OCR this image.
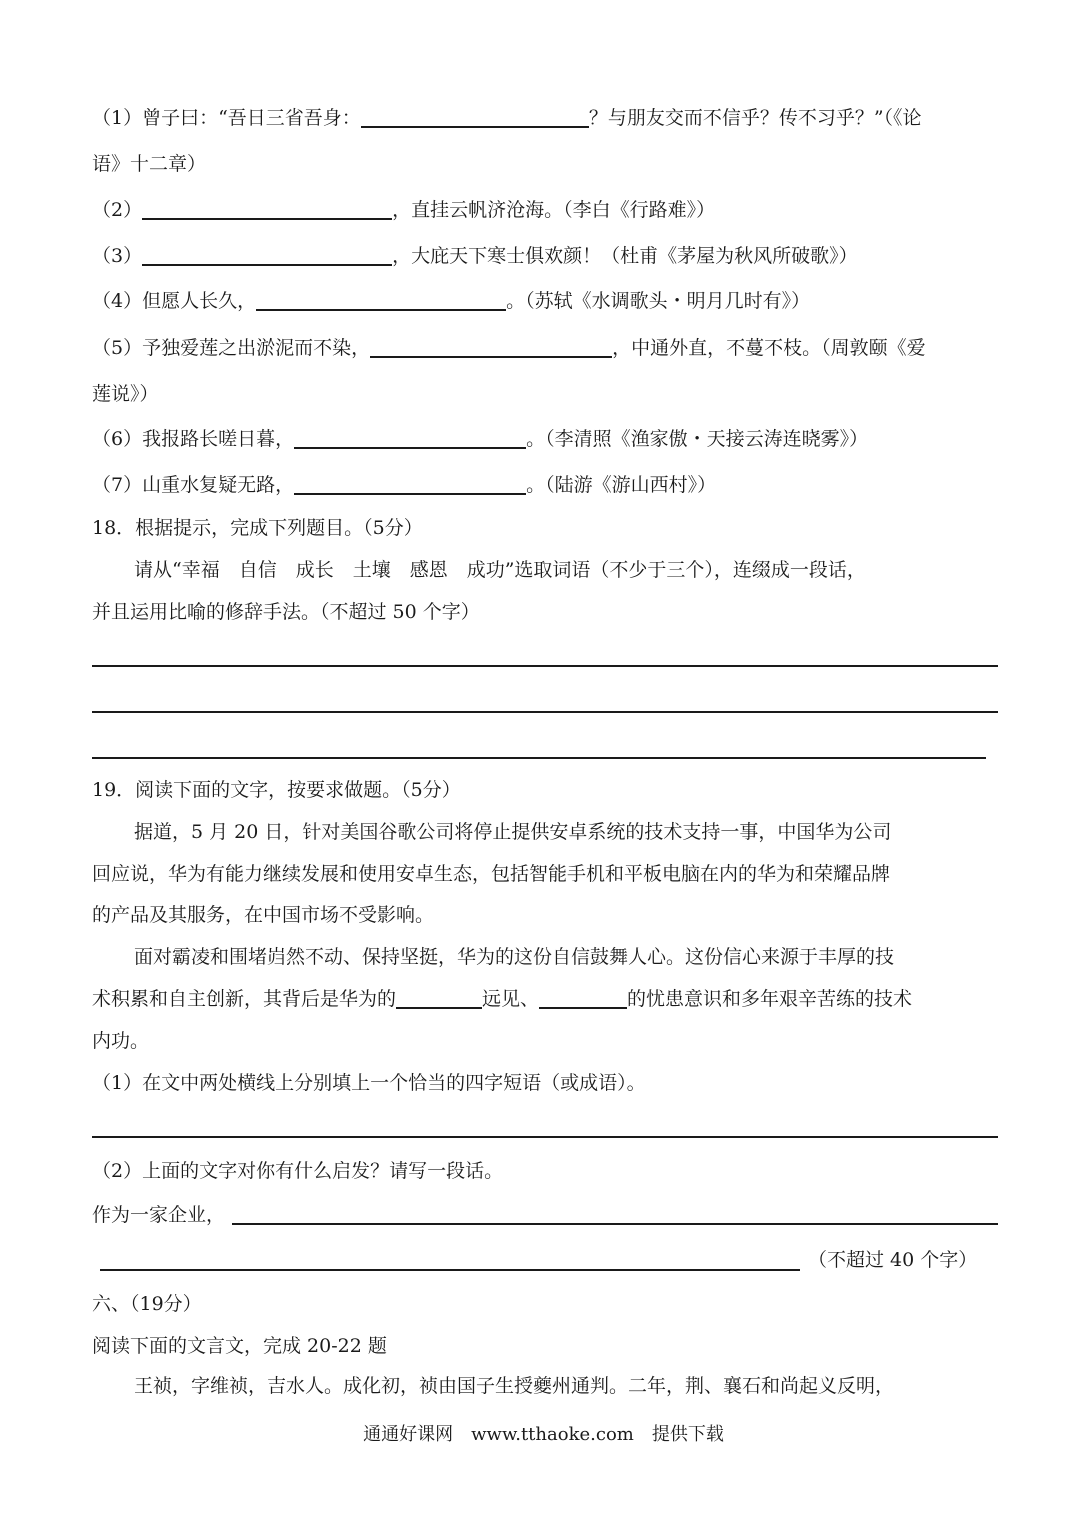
（1）曾子曰：“吾日三省吾身：	？与朋友交而不信乎？传不习乎？”（《论
语》十二章）
（2）	，直挂云帆济沧海。（李白《行路难》）
（3）	，大庇天下寒士俱欢颜！（杜甫《茅屋为秋风所破歌》）
（4）但愿人长久，	。（苏轼《水调歌头・明月几时有》）
（5）予独爱莲之出淤泥而不染，	，中通外直，不蔓不枝。（周敦颐《爱
莲说》）
（6）我报路长嗟日暮，	。（李清照《渔家傲・天接云涛连晓雾》）
（7）山重水复疑无路，	。（陆游《游山西村》）
18．根据提示，完成下列题目。（5分）
请从“幸福　自信　成长　土壤　感恩　成功”选取词语（不少于三个），连缀成一段话，
并且运用比喻的修辞手法。（不超过 50 个字）
19．阅读下面的文字，按要求做题。（5分）
据道，5 月 20 日，针对美国谷歌公司将停止提供安卓系统的技术支持一事，中国华为公司
回应说，华为有能力继续发展和使用安卓生态，包括智能手机和平板电脑在内的华为和荣耀品牌
的产品及其服务，在中国市场不受影响。
面对霸凌和围堵岿然不动、保持坚挺，华为的这份自信鼓舞人心。这份信心来源于丰厚的技
术积累和自主创新，其背后是华为的	远见、	的忧患意识和多年艰辛苦练的技术
内功。
（1）在文中两处横线上分别填上一个恰当的四字短语（或成语）。
（2）上面的文字对你有什么启发？请写一段话。
作为一家企业，
（不超过 40 个字）
六、（19分）
阅读下面的文言文，完成 20-22 题
王祯，字维祯，吉水人。成化初，祯由国子生授夔州通判。二年，荆、襄石和尚起义反明，
通通好课网　www.tthaoke.com　提供下载
